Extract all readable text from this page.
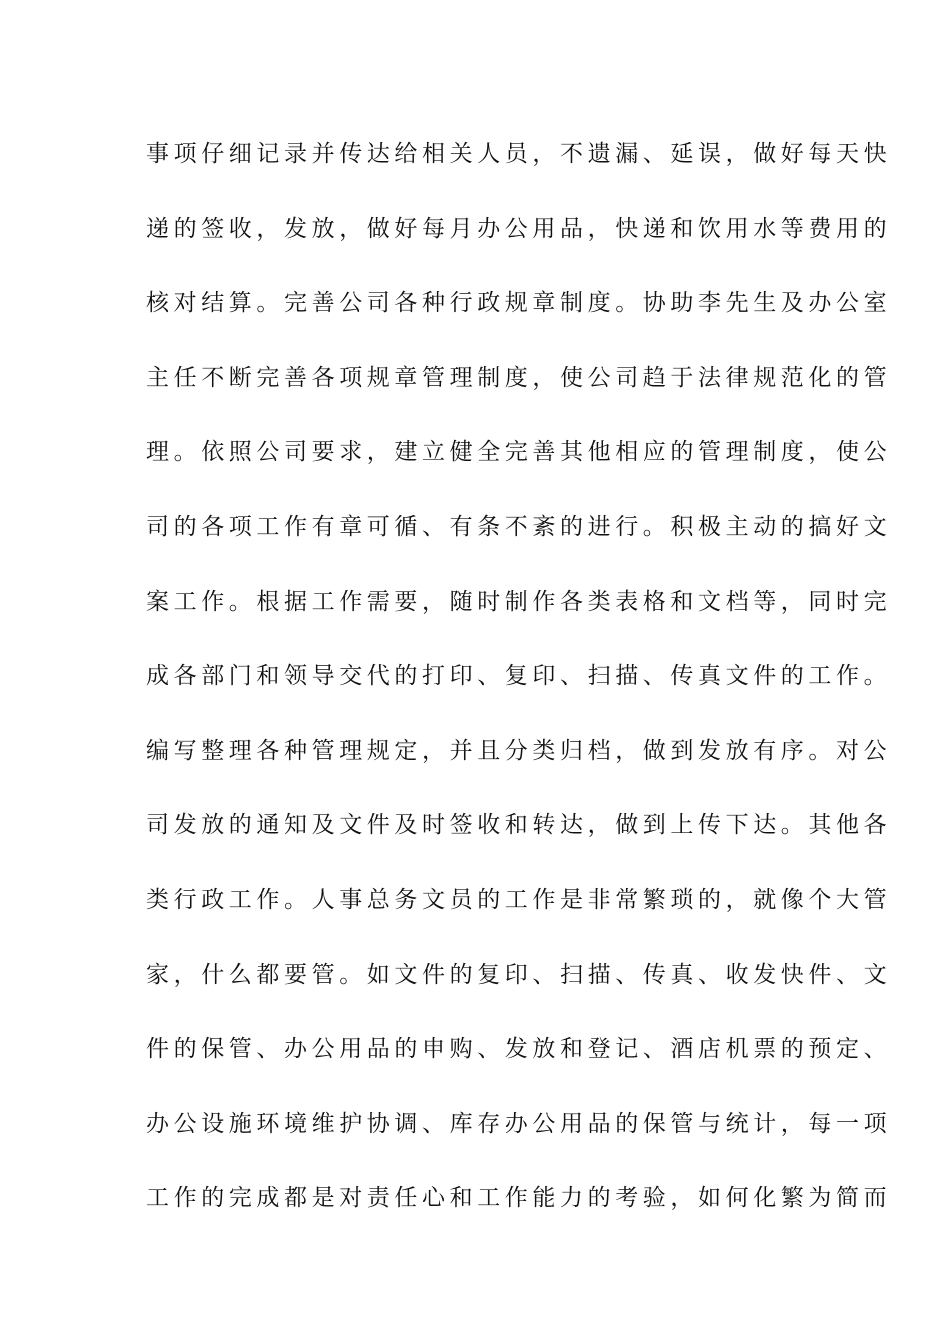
事项仔细记录并传达给相关人员，不遗漏、延误，做好每天快
递的签收，发放，做好每月办公用品，快递和饮用水等费用的
核对结算。完善公司各种行政规章制度。协助李先生及办公室
主任不断完善各项规章管理制度，使公司趋于法律规范化的管
理。依照公司要求，建立健全完善其他相应的管理制度，使公
司的各项工作有章可循、有条不紊的进行。积极主动的搞好文
案工作。根据工作需要，随时制作各类表格和文档等，同时完
成各部门和领导交代的打印、复印、扫描、传真文件的工作。
编写整理各种管理规定，并且分类归档，做到发放有序。对公
司发放的通知及文件及时签收和转达，做到上传下达。其他各
类行政工作。人事总务文员的工作是非常繁琐的，就像个大管
家，什么都要管。如文件的复印、扫描、传真、收发快件、文
件的保管、办公用品的申购、发放和登记、酒店机票的预定、
办公设施环境维护协调、库存办公用品的保管与统计，每一项
工作的完成都是对责任心和工作能力的考验，如何化繁为简而
